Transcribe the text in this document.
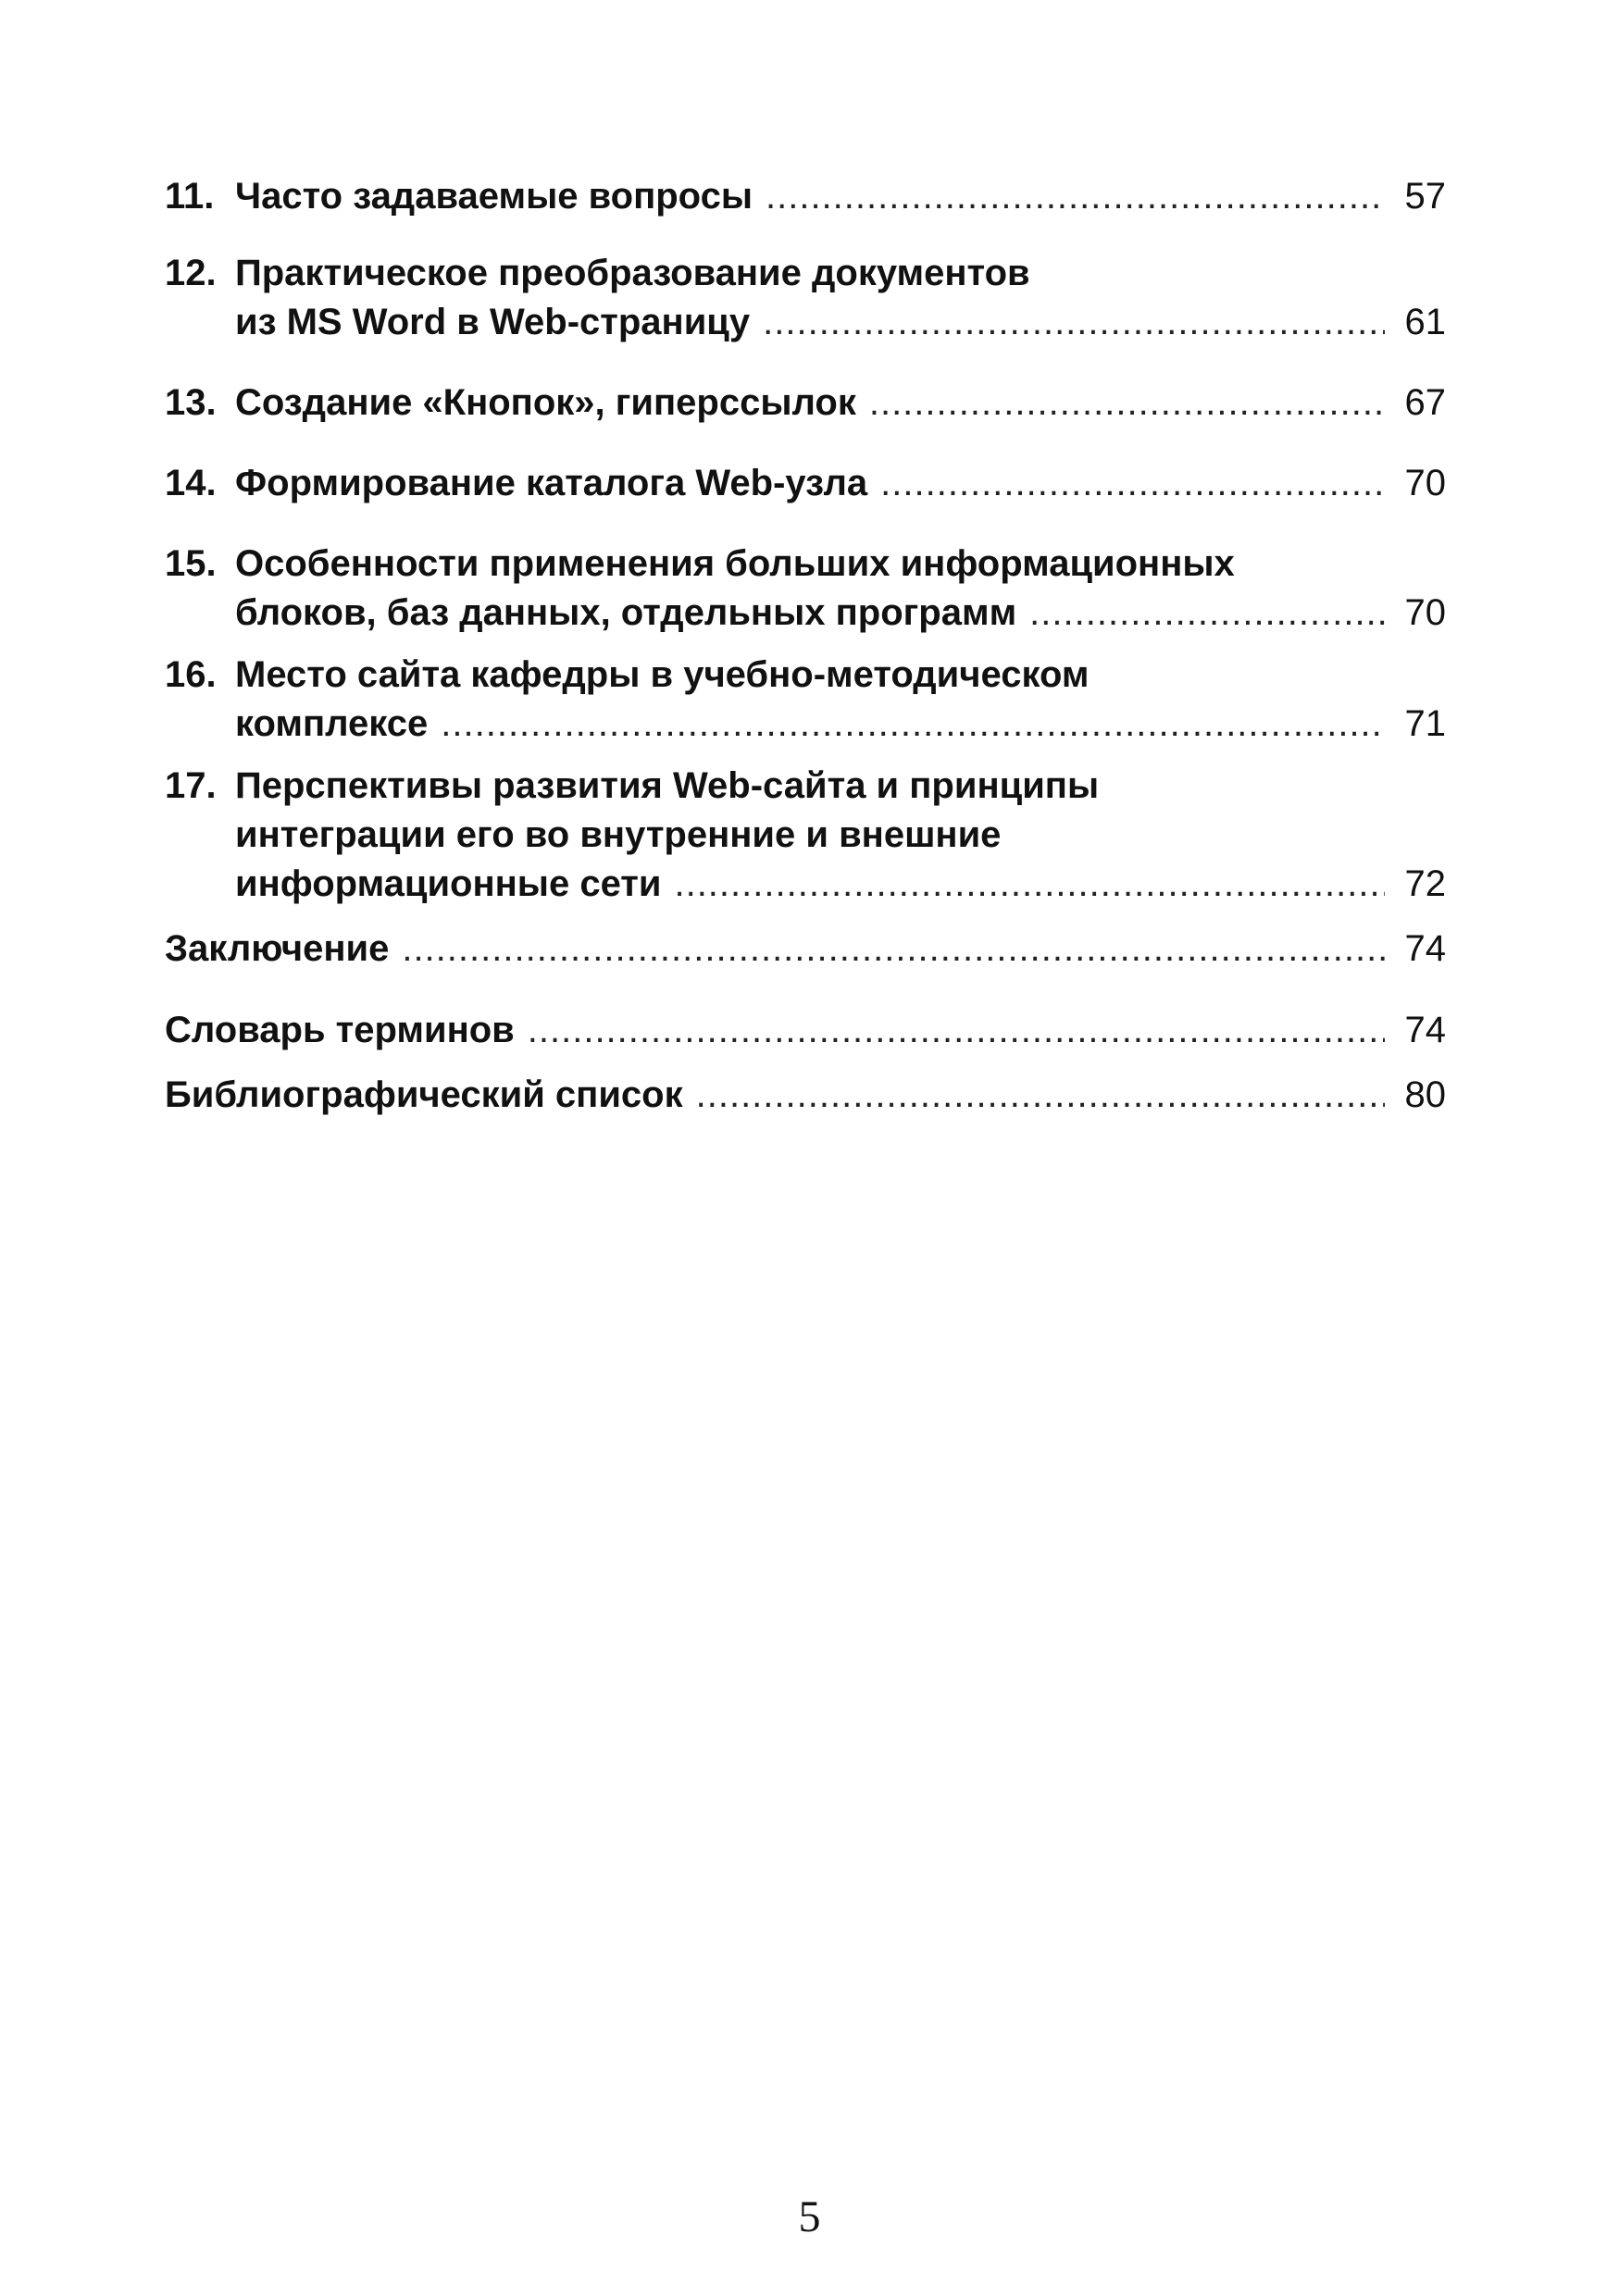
11. Часто задаваемые вопросы .....	57
12. Практическое преобразование документов
из MS Word в Web-страницу .....	61
13. Создание «Кнопок», гиперссылок .....	67
14. Формирование каталога Web-узла .....	70
15. Особенности применения больших информационных
блоков, баз данных, отдельных программ .....	70
16. Место сайта кафедры в учебно-методическом
комплексе .....	71
17. Перспективы развития Web-сайта и принципы
интеграции его во внутренние и внешние
информационные сети .....	72
Заключение .....	74
Словарь терминов .....	74
Библиографический список .....	80
5
